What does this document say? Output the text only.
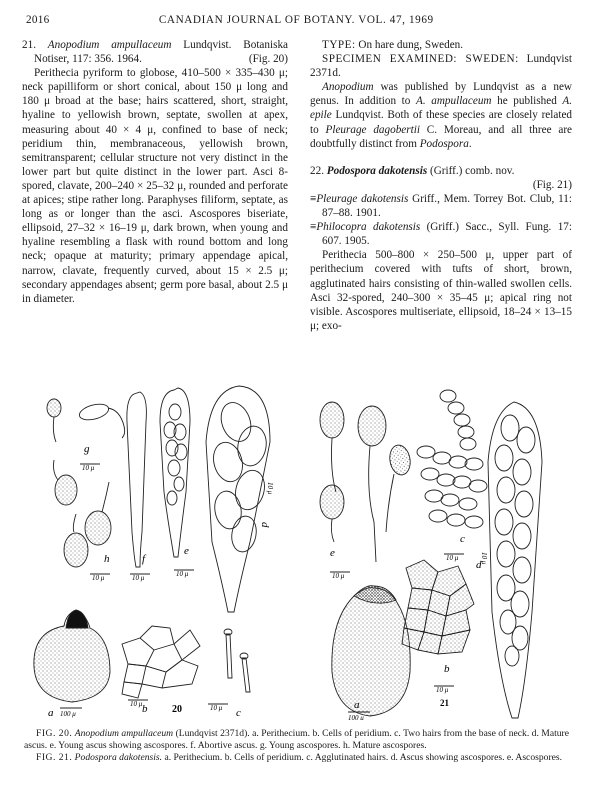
2016	CANADIAN JOURNAL OF BOTANY. VOL. 47, 1969

21. Anopodium ampullaceum Lundqvist. Botaniska Notiser, 117: 356. 1964.	(Fig. 20)

Perithecia pyriform to globose, 410–500 × 335–430 μ; neck papilliform or short conical, about 150 μ long and 180 μ broad at the base; hairs scattered, short, straight, hyaline to yellowish brown, septate, swollen at apex, measuring about 40 × 4 μ, confined to base of neck; peridium thin, membranaceous, yellowish brown, semitransparent; cellular structure not very distinct in the lower part but quite distinct in the lower part. Asci 8-spored, clavate, 200–240 × 25–32 μ, rounded and perforate at apices; stipe rather long. Paraphyses filiform, septate, as long as or longer than the asci. Ascospores biseriate, ellipsoid, 27–32 × 16–19 μ, dark brown, when young and hyaline resembling a flask with round bottom and long neck; opaque at maturity; primary appendage apical, narrow, clavate, frequently curved, about 15 × 2.5 μ; secondary appendages absent; germ pore basal, about 2.5 μ in diameter.

TYPE: On hare dung, Sweden.

SPECIMEN EXAMINED: SWEDEN: Lundqvist 2371d.

Anopodium was published by Lundqvist as a new genus. In addition to A. ampullaceum he published A. epile Lundqvist. Both of these species are closely related to Pleurage dagobertii C. Moreau, and all three are doubtfully distinct from Podospora.

22. Podospora dakotensis (Griff.) comb. nov.

(Fig. 21)

≡Pleurage dakotensis Griff., Mem. Torrey Bot. Club, 11: 87–88. 1901.

≡Philocopra dakotensis (Griff.) Sacc., Syll. Fung. 17: 607. 1905.

Perithecia 500–800 × 250–500 μ, upper part of perithecium covered with tufts of short, brown, agglutinated hairs consisting of thin-walled swollen cells. Asci 32-spored, 240–300 × 35–45 μ; apical ring not visible. Ascospores multiseriate, ellipsoid, 18–24 × 13–15 μ; exo-

g
10 μ
h
10 μ
f
10 μ
e
10 μ
d
10 μ
a 100 μ	b
10 μ	20	c
10 μ
e
10 μ
c
10 μ
d
10 μ
a
100 μ
b
10 μ
21

FIG. 20. Anopodium ampullaceum (Lundqvist 2371d). a. Perithecium. b. Cells of peridium. c. Two hairs from the base of neck. d. Mature ascus. e. Young ascus showing ascospores. f. Abortive ascus. g. Young ascospores. h. Mature ascospores.

FIG. 21. Podospora dakotensis. a. Perithecium. b. Cells of peridium. c. Agglutinated hairs. d. Ascus showing ascospores. e. Ascospores.
